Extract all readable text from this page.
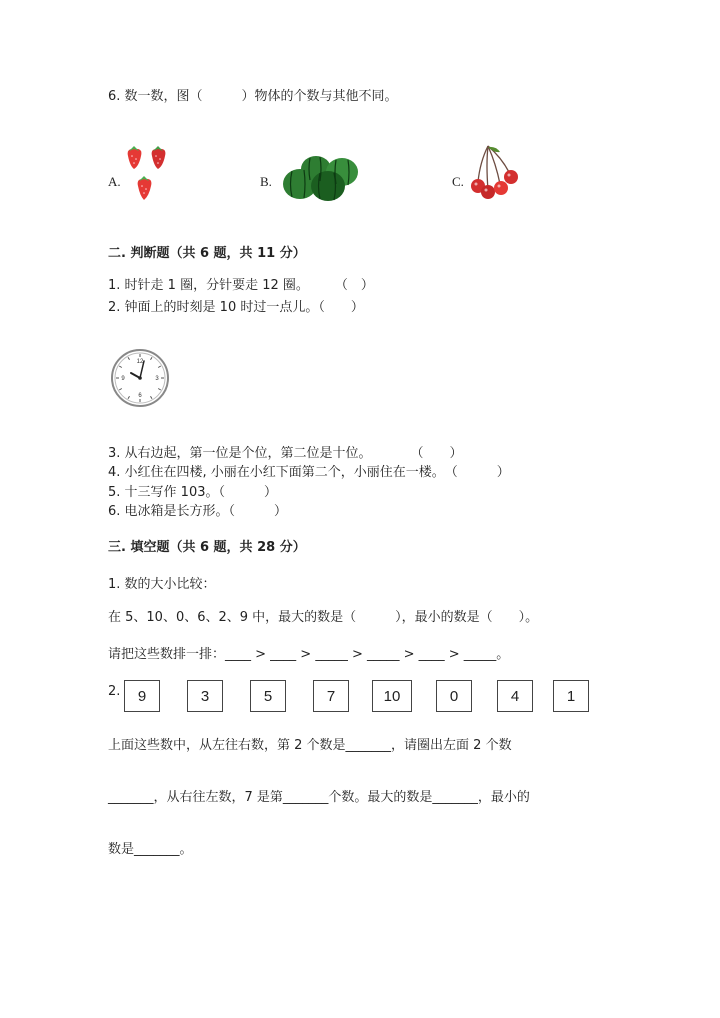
6. 数一数，图（　　　）物体的个数与其他不同。
A.	B.	C.
二. 判断题（共 6 题，共 11 分）
1. 时针走 1 圈，分针要走 12 圈。　　　（　）
2. 钟面上的时刻是 10 时过一点儿。（　　）
12
3
6
9
3. 从右边起，第一位是个位，第二位是十位。　　　　（　　）
4. 小红住在四楼, 小丽在小红下面第二个，小丽住在一楼。　（　　　）
5. 十三写作 103。（　　　）
6. 电冰箱是长方形。（　　　）
三. 填空题（共 6 题，共 28 分）
1. 数的大小比较：
在 5、10、0、6、2、9 中，最大的数是（　　　），最小的数是（　　）。
请把这些数排一排：____ > ____ > _____ > _____ > ____ > _____。
2.	9	3	5	7	10	0	4	1
上面这些数中，从左往右数，第 2 个数是_______，请圈出左面 2 个数
_______，从右往左数，7 是第_______个数。最大的数是_______，最小的
数是_______。
